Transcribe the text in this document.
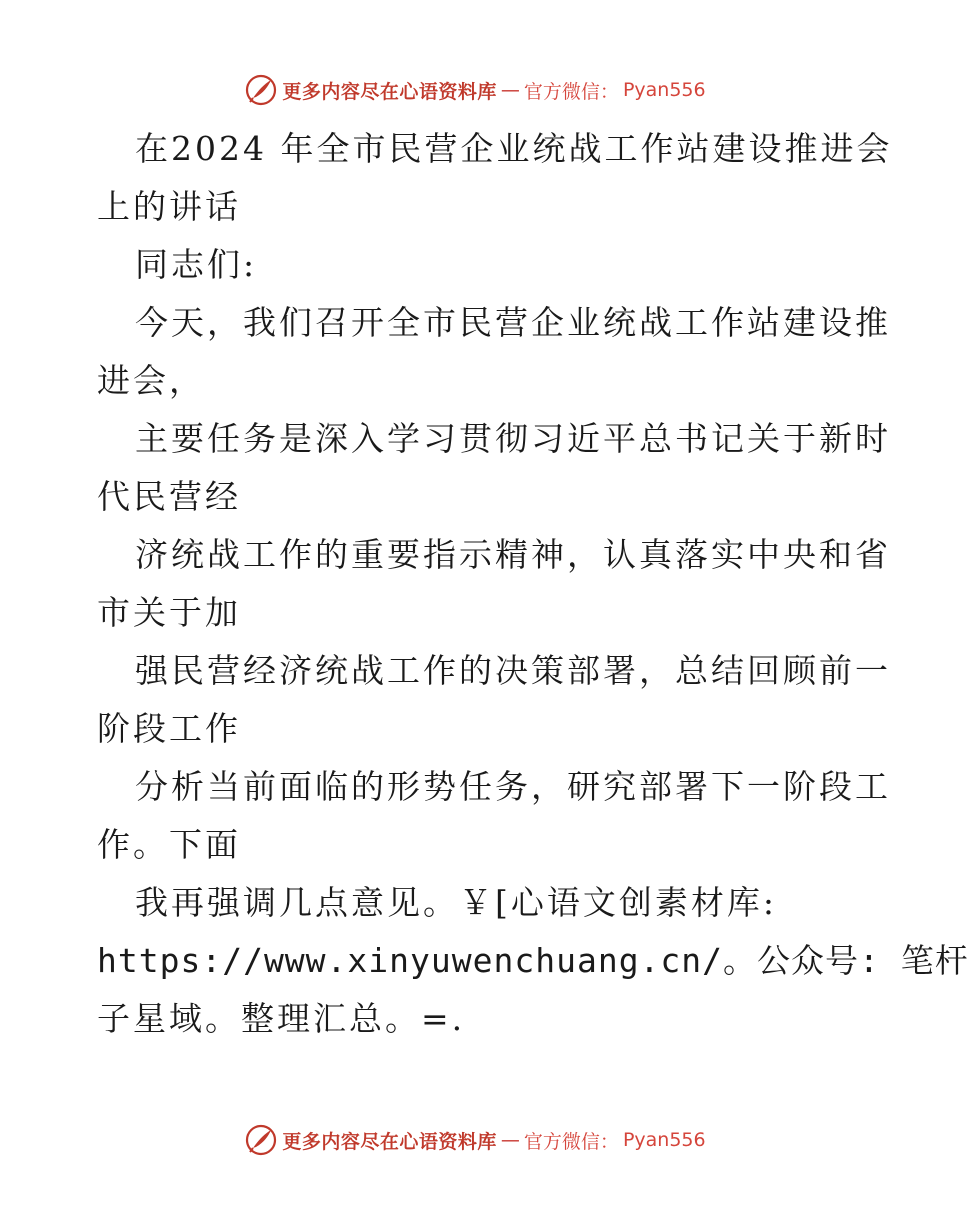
更多内容尽在心语资料库 — 官方微信： Pyan556
在2024 年全市民营企业统战工作站建设推进会
上的讲话
同志们:
今天，我们召开全市民营企业统战工作站建设推
进会，
主要任务是深入学习贯彻习近平总书记关于新时
代民营经
济统战工作的重要指示精神，认真落实中央和省
市关于加
强民营经济统战工作的决策部署，总结回顾前一
阶段工作
分析当前面临的形势任务，研究部署下一阶段工
作。下面
我再强调几点意见。￥[心语文创素材库:
https://www.xinyuwenchuang.cn/。公众号: 笔杆
子星域。整理汇总。=.
更多内容尽在心语资料库 — 官方微信： Pyan556
